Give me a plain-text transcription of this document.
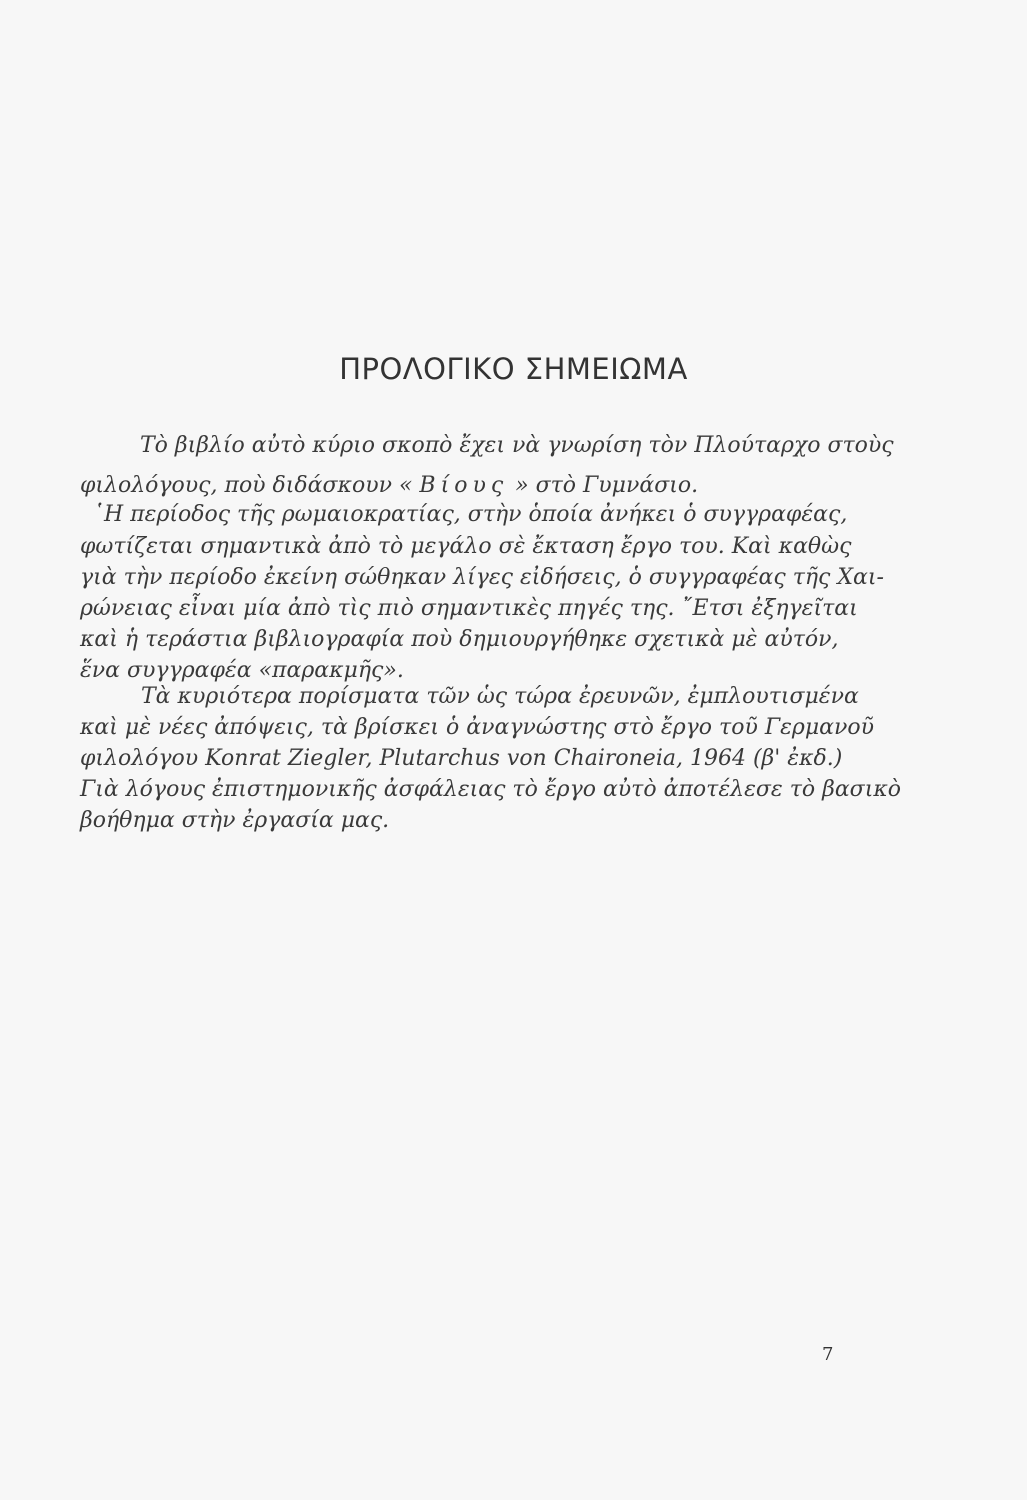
ΠΡΟΛΟΓΙΚΟ ΣΗΜΕΙΩΜΑ
Τὸ βιβλίο αὐτὸ κύριο σκοπὸ ἔχει νὰ γνωρίση τὸν Πλούταρχο στοὺς
φιλολόγους, ποὺ διδάσκουν « Βίους » στὸ Γυμνάσιο.
῾Η περίοδος τῆς ρωμαιοκρατίας, στὴν ὁποία ἀνήκει ὁ συγγραφέας,
φωτίζεται σημαντικὰ ἀπὸ τὸ μεγάλο σὲ ἔκταση ἔργο του. Καὶ καθὼς
γιὰ τὴν περίοδο ἐκείνη σώθηκαν λίγες εἰδήσεις, ὁ συγγραφέας τῆς Χαι-
ρώνειας εἶναι μία ἀπὸ τὶς πιὸ σημαντικὲς πηγές της. ῎Ετσι ἐξηγεῖται
καὶ ἡ τεράστια βιβλιογραφία ποὺ δημιουργήθηκε σχετικὰ μὲ αὐτόν,
ἕνα συγγραφέα «παρακμῆς».
Τὰ κυριότερα πορίσματα τῶν ὡς τώρα ἐρευνῶν, ἐμπλουτισμένα
καὶ μὲ νέες ἀπόψεις, τὰ βρίσκει ὁ ἀναγνώστης στὸ ἔργο τοῦ Γερμανοῦ
φιλολόγου Konrat Ziegler, Plutarchus von Chaironeia, 1964 (β' ἐκδ.)
Γιὰ λόγους ἐπιστημονικῆς ἀσφάλειας τὸ ἔργο αὐτὸ ἀποτέλεσε τὸ βασικὸ
βοήθημα στὴν ἐργασία μας.
7
